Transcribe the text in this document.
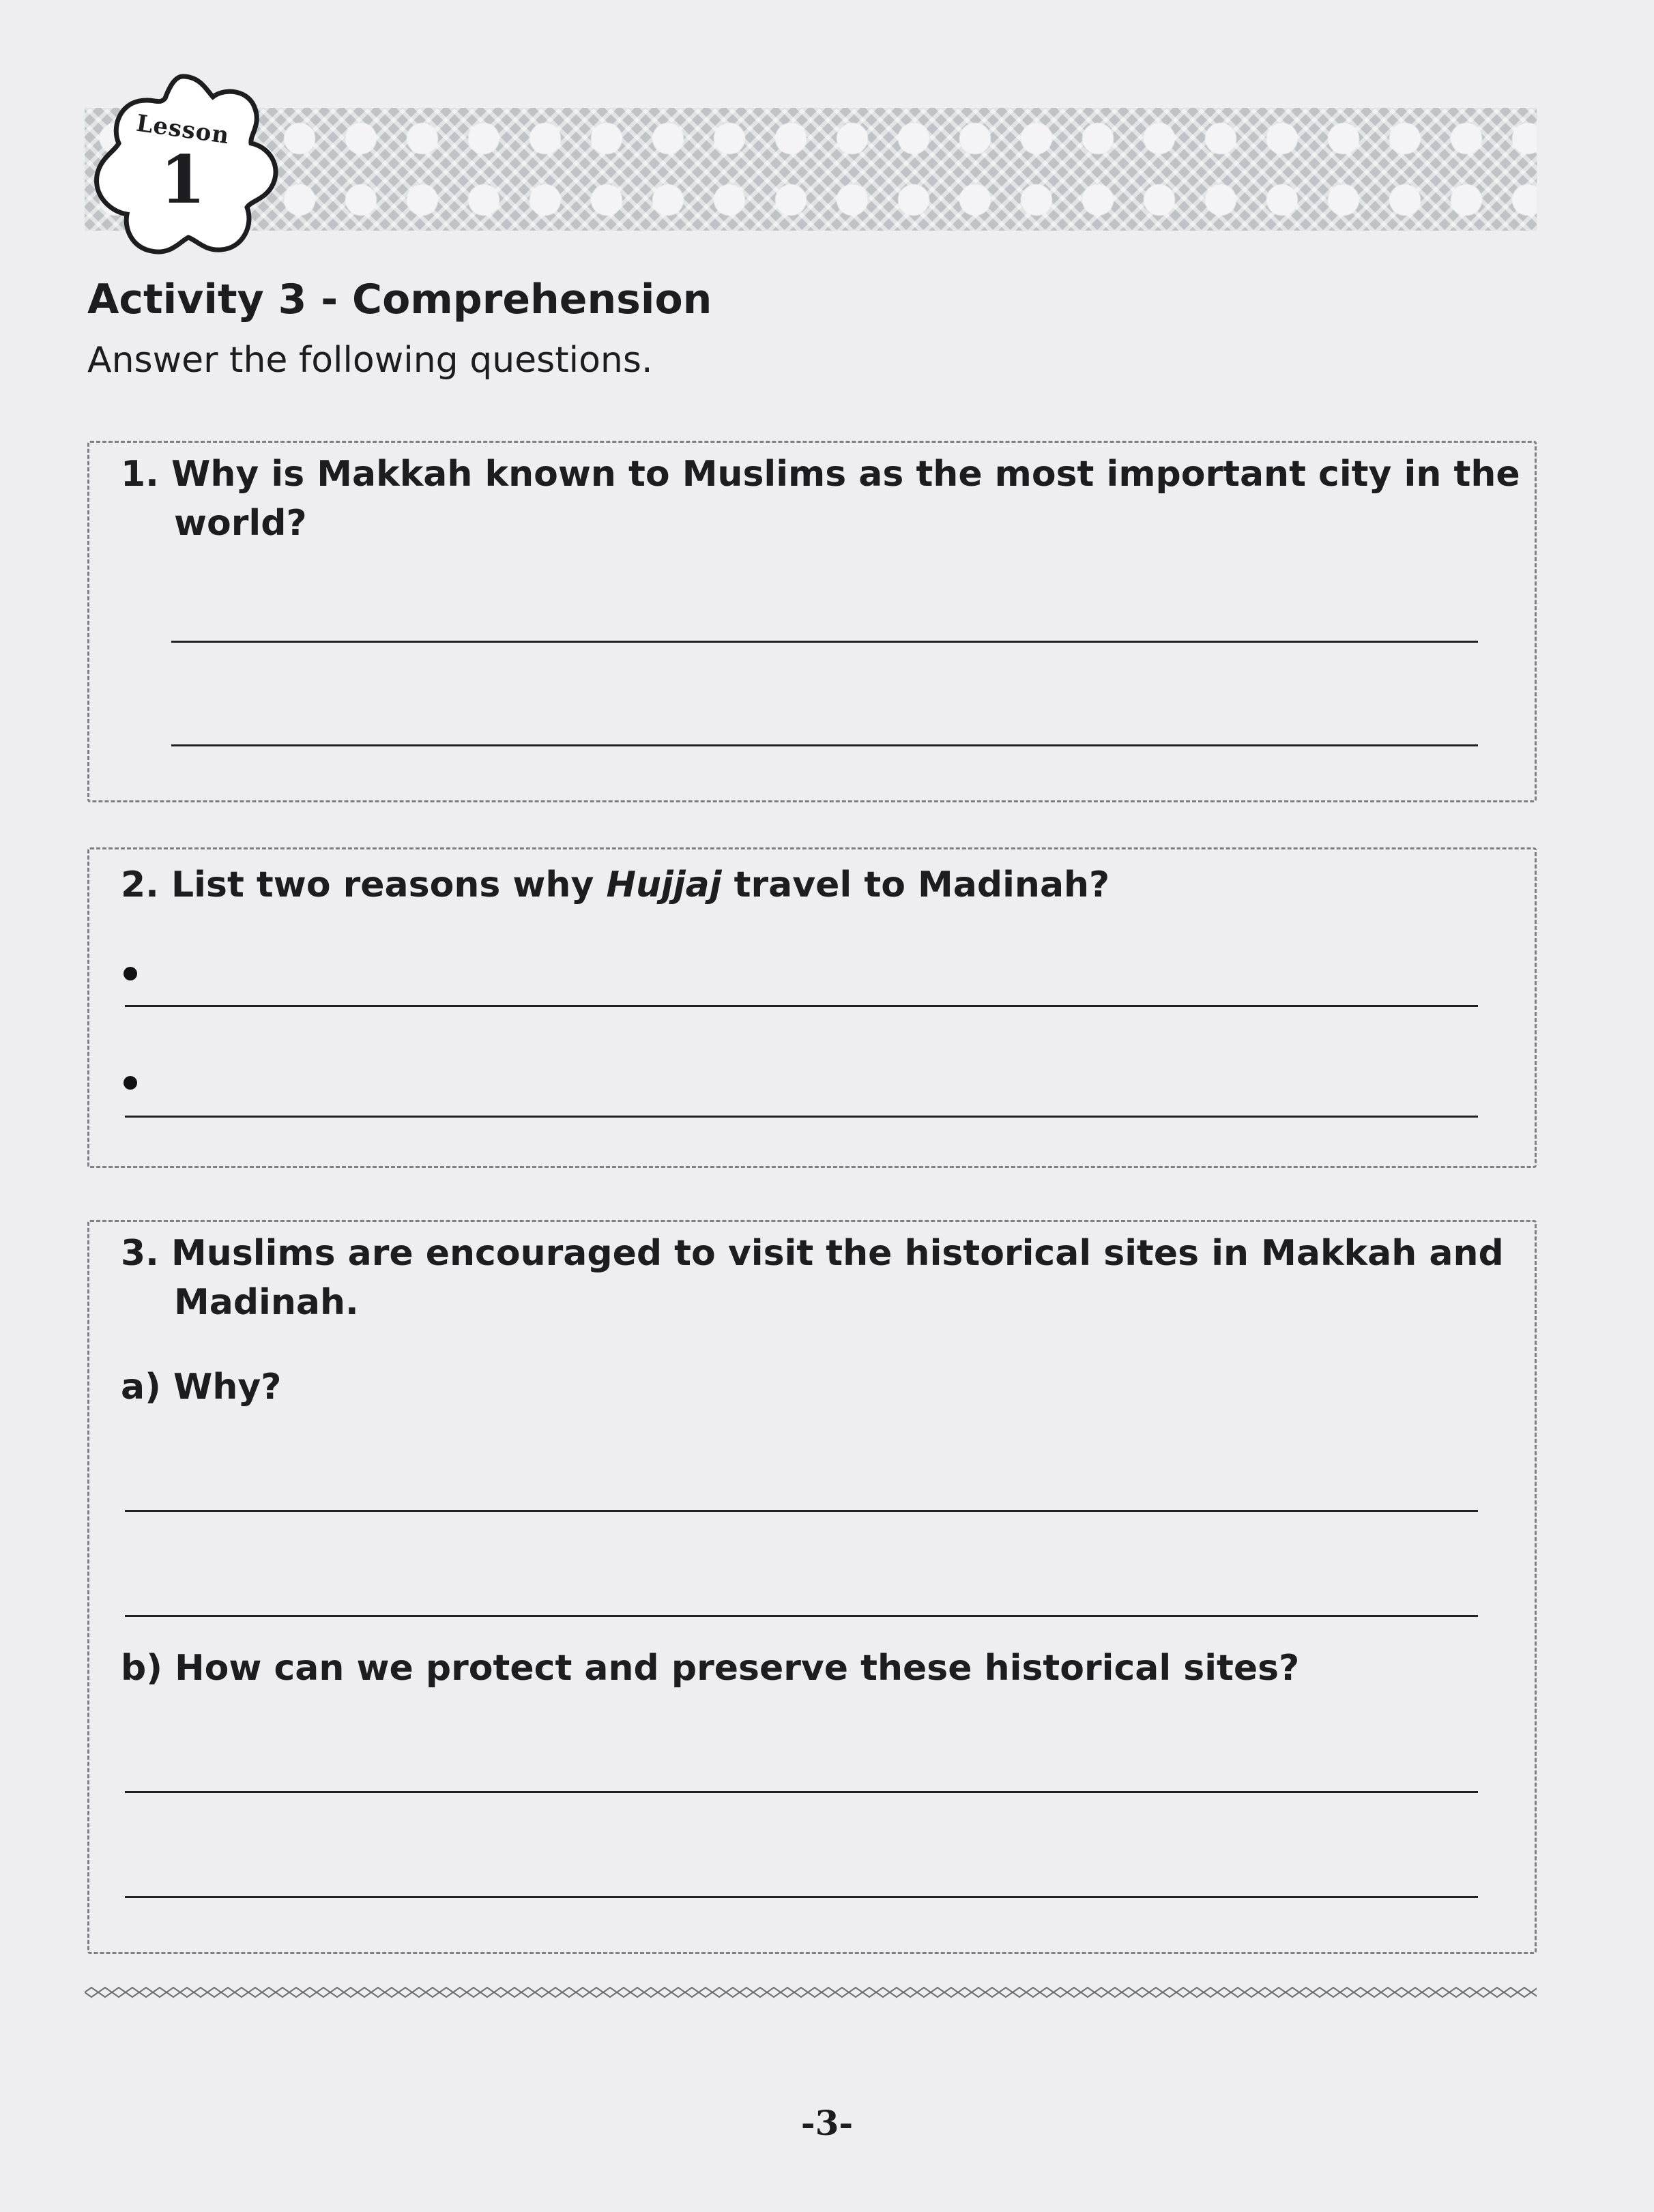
Lesson
1
Activity 3 - Comprehension
Answer the following questions.
1. Why is Makkah known to Muslims as the most important city in the
world?
2. List two reasons why Hujjaj travel to Madinah?
3. Muslims are encouraged to visit the historical sites in Makkah and
Madinah.
a) Why?
b) How can we protect and preserve these historical sites?
-3-
